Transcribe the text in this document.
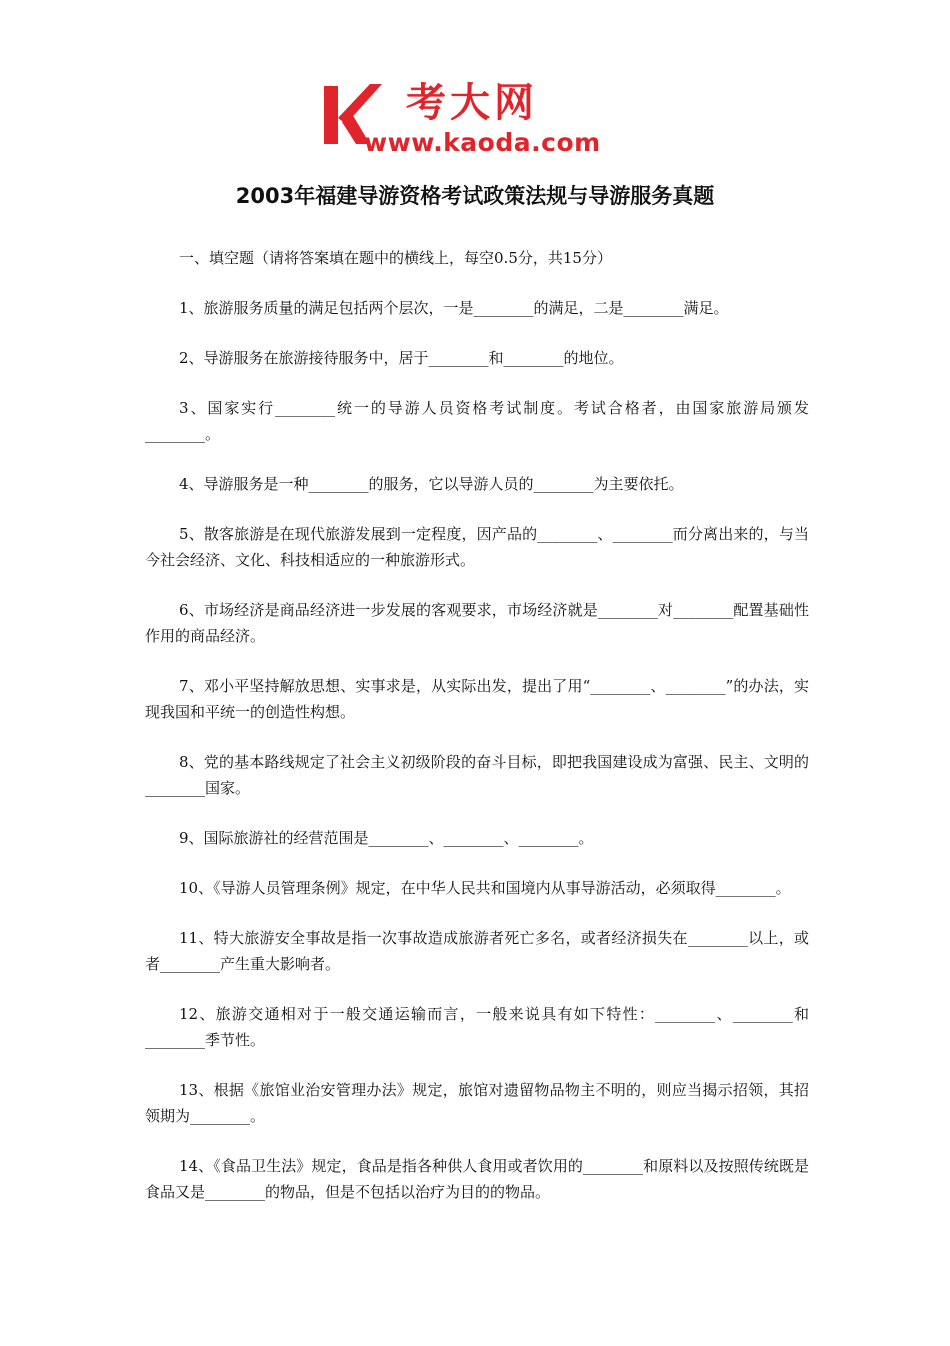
考大网
www.kaoda.com
2003年福建导游资格考试政策法规与导游服务真题

一、填空题（请将答案填在题中的横线上，每空0.5分，共15分）

1、旅游服务质量的满足包括两个层次，一是________的满足，二是________满足。

2、导游服务在旅游接待服务中，居于________和________的地位。

3、国家实行________统一的导游人员资格考试制度。考试合格者，由国家旅游局颁发________。

4、导游服务是一种________的服务，它以导游人员的________为主要依托。

5、散客旅游是在现代旅游发展到一定程度，因产品的________、________而分离出来的，与当今社会经济、文化、科技相适应的一种旅游形式。

6、市场经济是商品经济进一步发展的客观要求，市场经济就是________对________配置基础性作用的商品经济。

7、邓小平坚持解放思想、实事求是，从实际出发，提出了用“________、________”的办法，实现我国和平统一的创造性构想。

8、党的基本路线规定了社会主义初级阶段的奋斗目标，即把我国建设成为富强、民主、文明的________国家。

9、国际旅游社的经营范围是________、________、________。

10、《导游人员管理条例》规定，在中华人民共和国境内从事导游活动，必须取得________。

11、特大旅游安全事故是指一次事故造成旅游者死亡多名，或者经济损失在________以上，或者________产生重大影响者。

12、旅游交通相对于一般交通运输而言，一般来说具有如下特性：________、________和________季节性。

13、根据《旅馆业治安管理办法》规定，旅馆对遗留物品物主不明的，则应当揭示招领，其招领期为________。

14、《食品卫生法》规定，食品是指各种供人食用或者饮用的________和原料以及按照传统既是食品又是________的物品，但是不包括以治疗为目的的物品。
